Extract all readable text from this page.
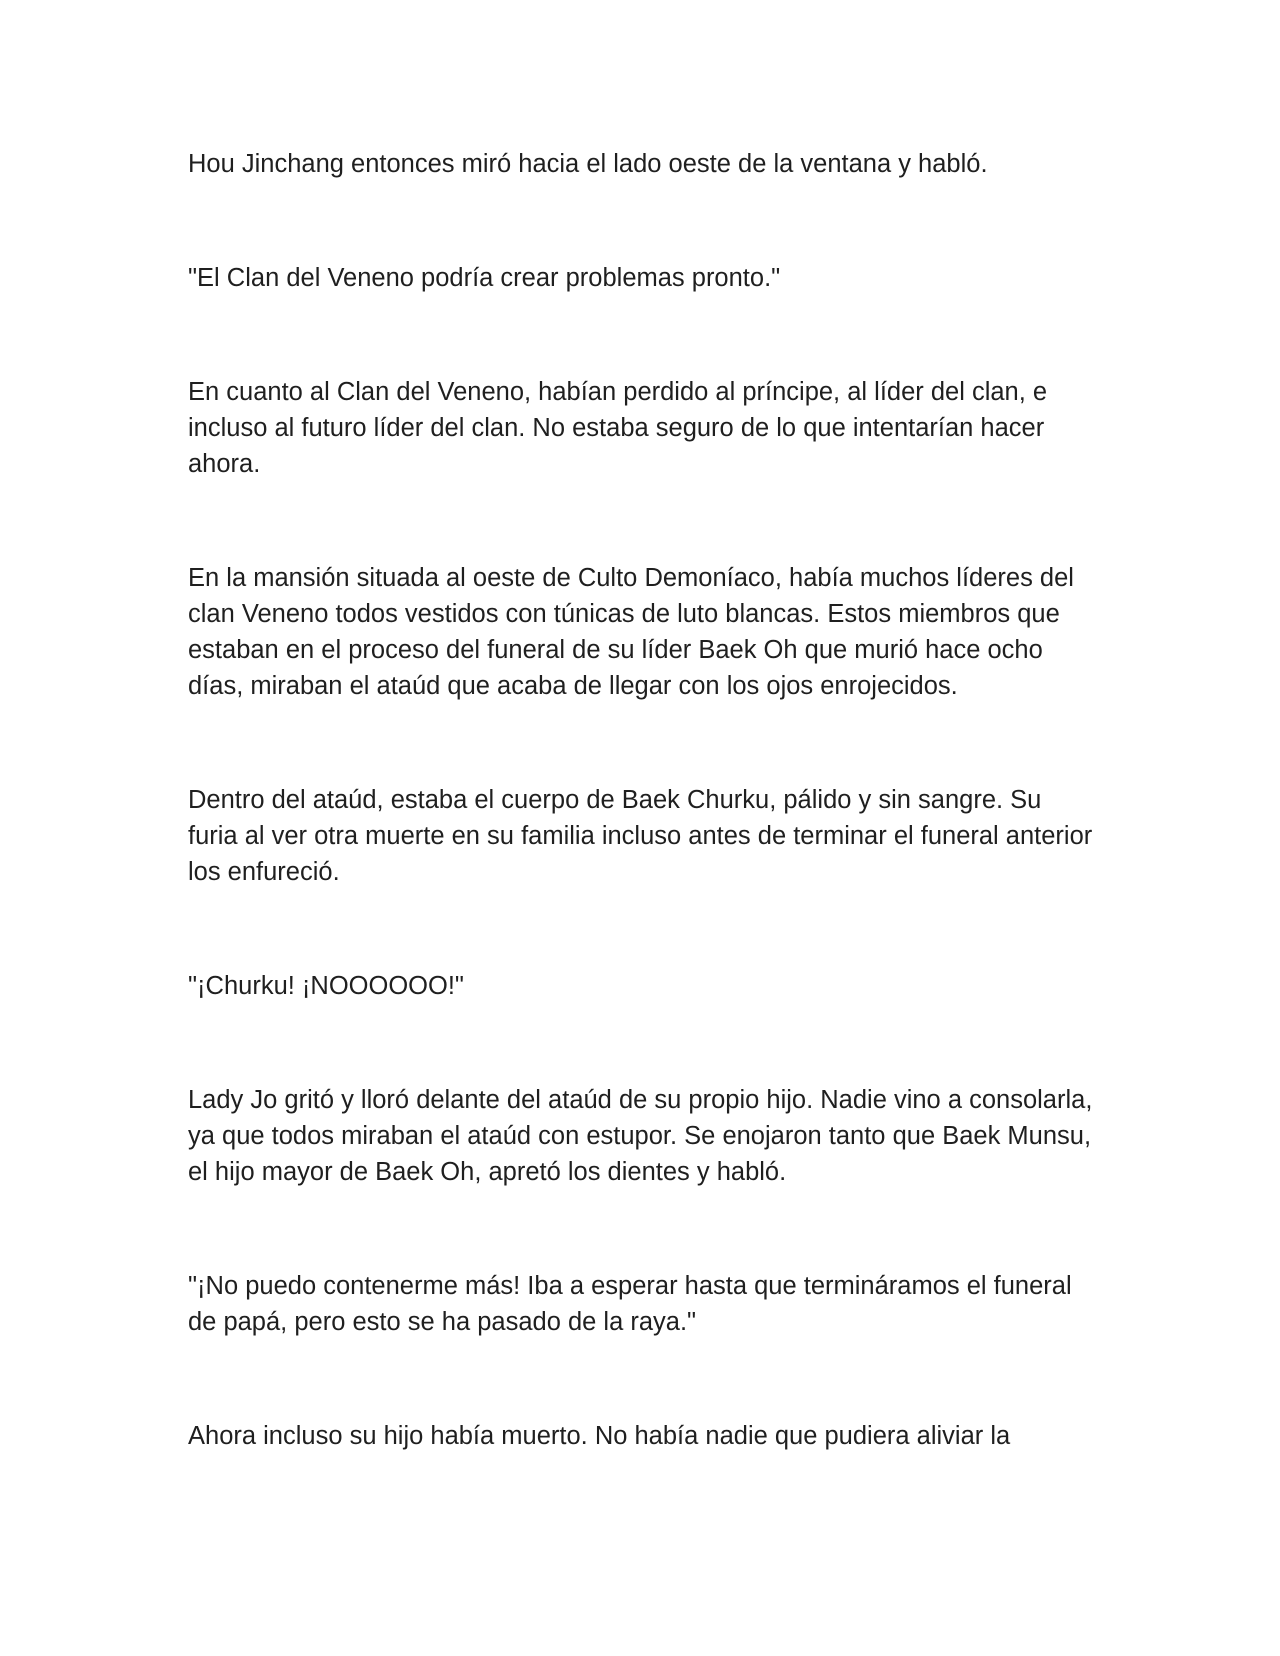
Hou Jinchang entonces miró hacia el lado oeste de la ventana y habló.

"El Clan del Veneno podría crear problemas pronto."

En cuanto al Clan del Veneno, habían perdido al príncipe, al líder del clan, e incluso al futuro líder del clan. No estaba seguro de lo que intentarían hacer ahora.

En la mansión situada al oeste de Culto Demoníaco, había muchos líderes del clan Veneno todos vestidos con túnicas de luto blancas. Estos miembros que estaban en el proceso del funeral de su líder Baek Oh que murió hace ocho días, miraban el ataúd que acaba de llegar con los ojos enrojecidos.

Dentro del ataúd, estaba el cuerpo de Baek Churku, pálido y sin sangre. Su furia al ver otra muerte en su familia incluso antes de terminar el funeral anterior los enfureció.

"¡Churku! ¡NOOOOOO!"

Lady Jo gritó y lloró delante del ataúd de su propio hijo. Nadie vino a consolarla, ya que todos miraban el ataúd con estupor. Se enojaron tanto que Baek Munsu, el hijo mayor de Baek Oh, apretó los dientes y habló.

"¡No puedo contenerme más! Iba a esperar hasta que termináramos el funeral de papá, pero esto se ha pasado de la raya."

Ahora incluso su hijo había muerto. No había nadie que pudiera aliviar la
